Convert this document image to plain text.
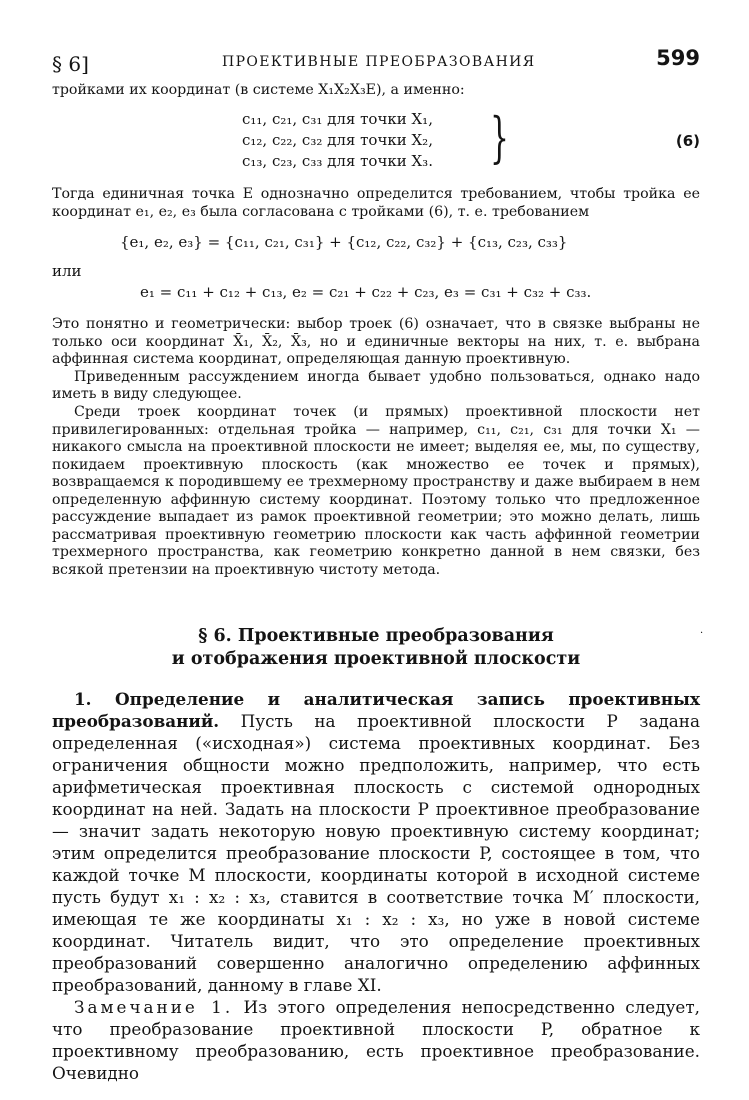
§ 6]	ПРОЕКТИВНЫЕ ПРЕОБРАЗОВАНИЯ	599

тройками их координат (в системе X₁X₂X₃E), а именно:

c₁₁, c₂₁, c₃₁ для точки X₁,
c₁₂, c₂₂, c₃₂ для точки X₂,
c₁₃, c₂₃, c₃₃ для точки X₃. }	(6)

Тогда единичная точка E однозначно определится требованием, чтобы тройка ее координат e₁, e₂, e₃ была согласована с тройками (6), т. е. требованием

{e₁, e₂, e₃} = {c₁₁, c₂₁, c₃₁} + {c₁₂, c₂₂, c₃₂} + {c₁₃, c₂₃, c₃₃}
или
e₁ = c₁₁ + c₁₂ + c₁₃, e₂ = c₂₁ + c₂₂ + c₂₃, e₃ = c₃₁ + c₃₂ + c₃₃.

Это понятно и геометрически: выбор троек (6) означает, что в связке выбраны не только оси координат X̄₁, X̄₂, X̄₃, но и единичные векторы на них, т. е. выбрана аффинная система координат, определяющая данную проективную.

Приведенным рассуждением иногда бывает удобно пользоваться, однако надо иметь в виду следующее.

Среди троек координат точек (и прямых) проективной плоскости нет привилегированных: отдельная тройка — например, c₁₁, c₂₁, c₃₁ для точки X₁ — никакого смысла на проективной плоскости не имеет; выделяя ее, мы, по существу, покидаем проективную плоскость (как множество ее точек и прямых), возвращаемся к породившему ее трехмерному пространству и даже выбираем в нем определенную аффинную систему координат. Поэтому только что предложенное рассуждение выпадает из рамок проективной геометрии; это можно делать, лишь рассматривая проективную геометрию плоскости как часть аффинной геометрии трехмерного пространства, как геометрию конкретно данной в нем связки, без всякой претензии на проективную чистоту метода.

§ 6. Проективные преобразования
и отображения проективной плоскости
·

1. Определение и аналитическая запись проективных преобразований. Пусть на проективной плоскости P задана определенная («исходная») система проективных координат. Без ограничения общности можно предположить, например, что есть арифметическая проективная плоскость с системой однородных координат на ней. Задать на плоскости P проективное преобразование — значит задать некоторую новую проективную систему координат; этим определится преобразование плоскости P, состоящее в том, что каждой точке M плоскости, координаты которой в исходной системе пусть будут x₁ : x₂ : x₃, ставится в соответствие точка M′ плоскости, имеющая те же координаты x₁ : x₂ : x₃, но уже в новой системе координат. Читатель видит, что это определение проективных преобразований совершенно аналогично определению аффинных преобразований, данному в главе XI.

Замечание 1. Из этого определения непосредственно следует, что преобразование проективной плоскости P, обратное к проективному преобразованию, есть проективное преобразование. Очевидно
